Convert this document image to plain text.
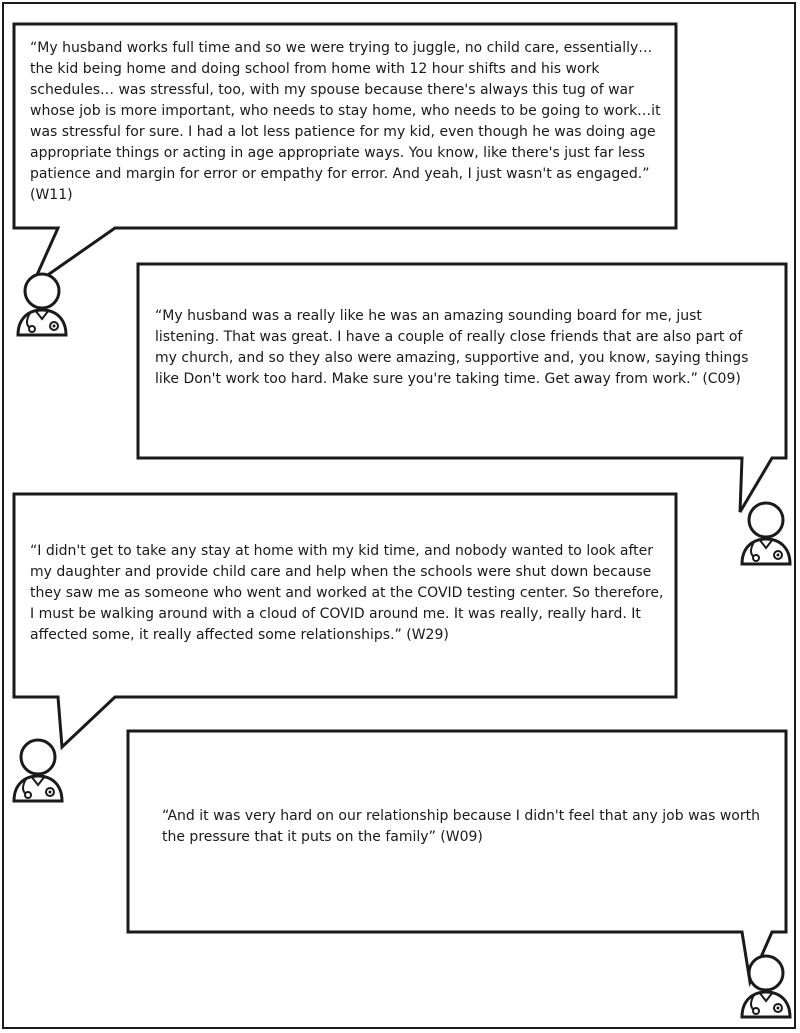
“My husband works full time and so we were trying to juggle, no child care, essentially…the kid being home and doing school from home with 12 hour shifts and his work schedules… was stressful, too, with my spouse because there's always this tug of war whose job is more important, who needs to stay home, who needs to be going to work…it was stressful for sure. I had a lot less patience for my kid, even though he was doing age appropriate things or acting in age appropriate ways. You know, like there's just far less patience and margin for error or empathy for error. And yeah, I just wasn't as engaged.” (W11)

“My husband was a really like he was an amazing sounding board for me, just listening. That was great. I have a couple of really close friends that are also part of my church, and so they also were amazing, supportive and, you know, saying things like Don't work too hard. Make sure you're taking time. Get away from work.” (C09)

“I didn't get to take any stay at home with my kid time, and nobody wanted to look after my daughter and provide child care and help when the schools were shut down because they saw me as someone who went and worked at the COVID testing center. So therefore, I must be walking around with a cloud of COVID around me. It was really, really hard. It affected some, it really affected some relationships.” (W29)

“And it was very hard on our relationship because I didn't feel that any job was worth the pressure that it puts on the family” (W09)
